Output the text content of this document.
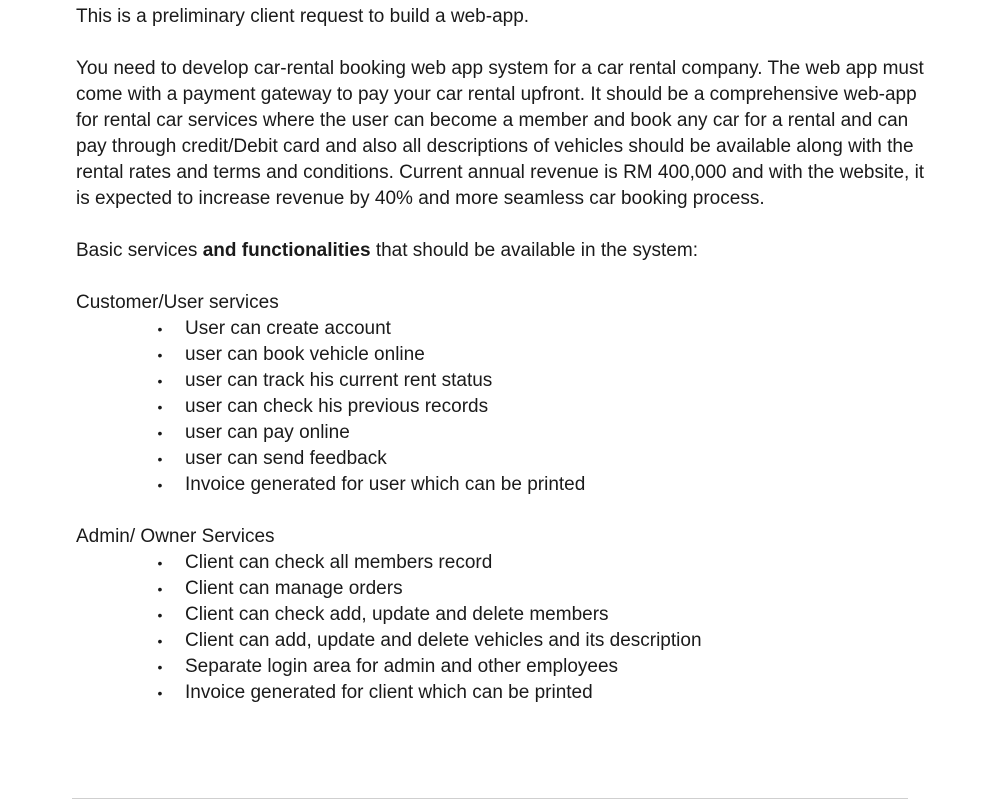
This is a preliminary client request to build a web-app.

You need to develop car-rental booking web app system for a car rental company. The web app must come with a payment gateway to pay your car rental upfront. It should be a comprehensive web-app for rental car services where the user can become a member and book any car for a rental and can pay through credit/Debit card and also all descriptions of vehicles should be available along with the rental rates and terms and conditions. Current annual revenue is RM 400,000 and with the website, it is expected to increase revenue by 40% and more seamless car booking process.

Basic services and functionalities that should be available in the system:

Customer/User services

• User can create account
• user can book vehicle online
• user can track his current rent status
• user can check his previous records
• user can pay online
• user can send feedback
• Invoice generated for user which can be printed

Admin/ Owner Services

• Client can check all members record
• Client can manage orders
• Client can check add, update and delete members
• Client can add, update and delete vehicles and its description
• Separate login area for admin and other employees
• Invoice generated for client which can be printed
